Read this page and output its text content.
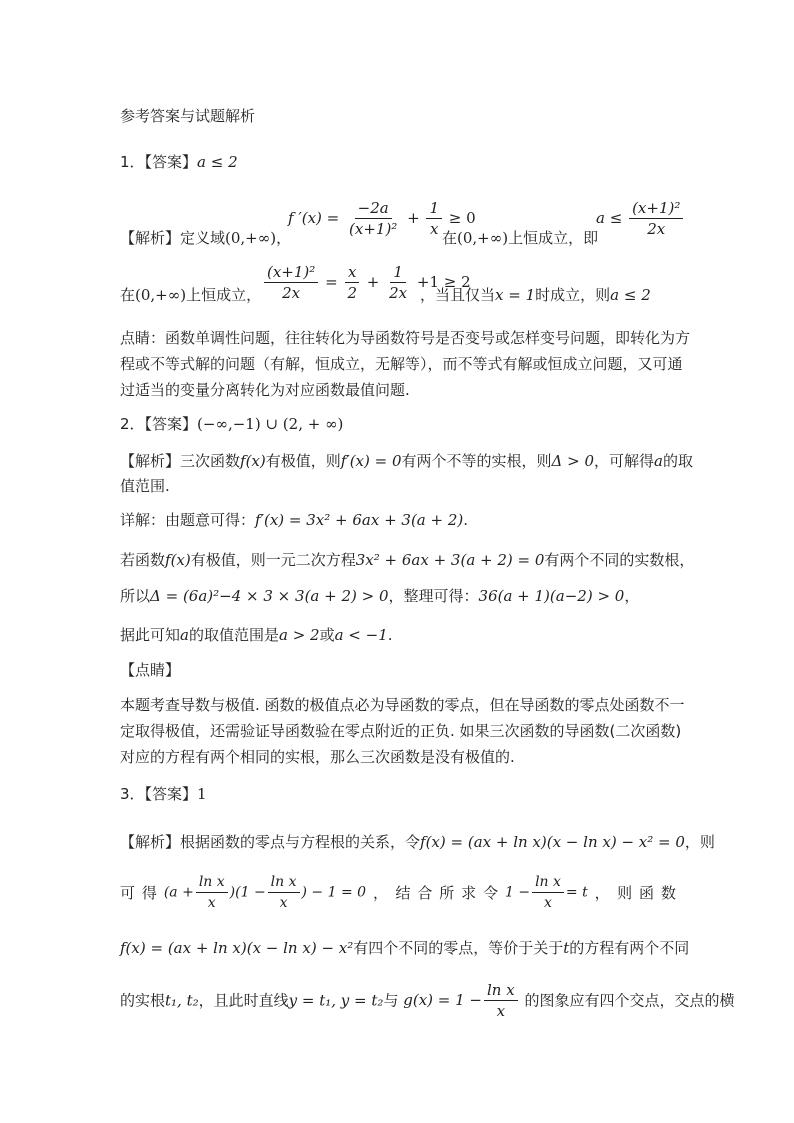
参考答案与试题解析
1．【答案】a ≤ 2
f $'(x) = \frac{-2a}{\text{(x+1)²}} + \frac{1}{x} \ge 0$
【解析】定义域(0,+∞)，	在(0,+∞)上恒成立，即
$a \le \frac{\text{(x+1)²}}{2x}$
在(0,+∞)上恒成立， $\frac{\text{(x+1)²}}{2x} = \frac{x}{2} + \frac{1}{2x} +1 \ge 2$
，当且仅当x = 1时成立，则a ≤ 2
点睛：函数单调性问题，往往转化为导函数符号是否变号或怎样变号问题，即转化为方
程或不等式解的问题（有解，恒成立，无解等），而不等式有解或恒成立问题，又可通
过适当的变量分离转化为对应函数最值问题.
2．【答案】(−∞,−1) ∪ (2, + ∞)
【解析】三次函数f(x)有极值，则f′(x) = 0有两个不等的实根，则Δ > 0，可解得a的取
值范围.
详解：由题意可得：f′(x) = 3x² + 6ax + 3(a + 2).
若函数f(x)有极值，则一元二次方程3x² + 6ax + 3(a + 2) = 0有两个不同的实数根，
所以Δ = (6a)²−4 × 3 × 3(a + 2) > 0，整理可得：36(a + 1)(a−2) > 0，
据此可知a的取值范围是a > 2或a < −1.
【点睛】
本题考查导数与极值. 函数的极值点必为导函数的零点，但在导函数的零点处函数不一
定取得极值，还需验证导函数验在零点附近的正负. 如果三次函数的导函数(二次函数)
对应的方程有两个相同的实根，那么三次函数是没有极值的.
3．【答案】1
【解析】根据函数的零点与方程根的关系，令f(x) = (ax + ln x)(x − ln x) − x² = 0，则
可 得 $(a + \frac{\text{ln x}}{x} )(1 - \frac{\text{ln x}}{x}$ ) − 1 = 0 ，　结 合 所 求 令 $1 - \frac{\text{ln x}}{x} = t$ ，　则 函 数
f(x) = (ax + ln x)(x − ln x) − x²有四个不同的零点，等价于关于t的方程有两个不同
的实根t₁, t₂，且此时直线y = t₁, y = t₂与 $g(x) = 1 - \frac{\text{ln x}}{x}$ 的图象应有四个交点，交点的横
